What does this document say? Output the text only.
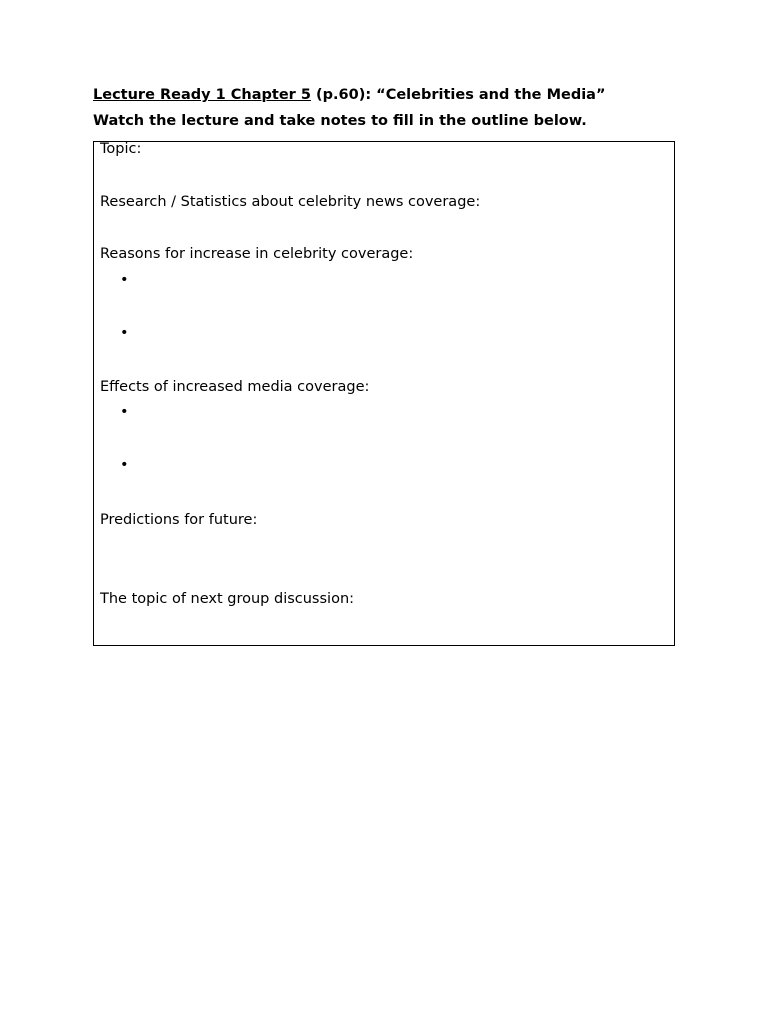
Lecture Ready 1 Chapter 5 (p.60): “Celebrities and the Media”
Watch the lecture and take notes to fill in the outline below.
Topic:
Research / Statistics about celebrity news coverage:
Reasons for increase in celebrity coverage:
•
•
Effects of increased media coverage:
•
•
Predictions for future:
The topic of next group discussion:
